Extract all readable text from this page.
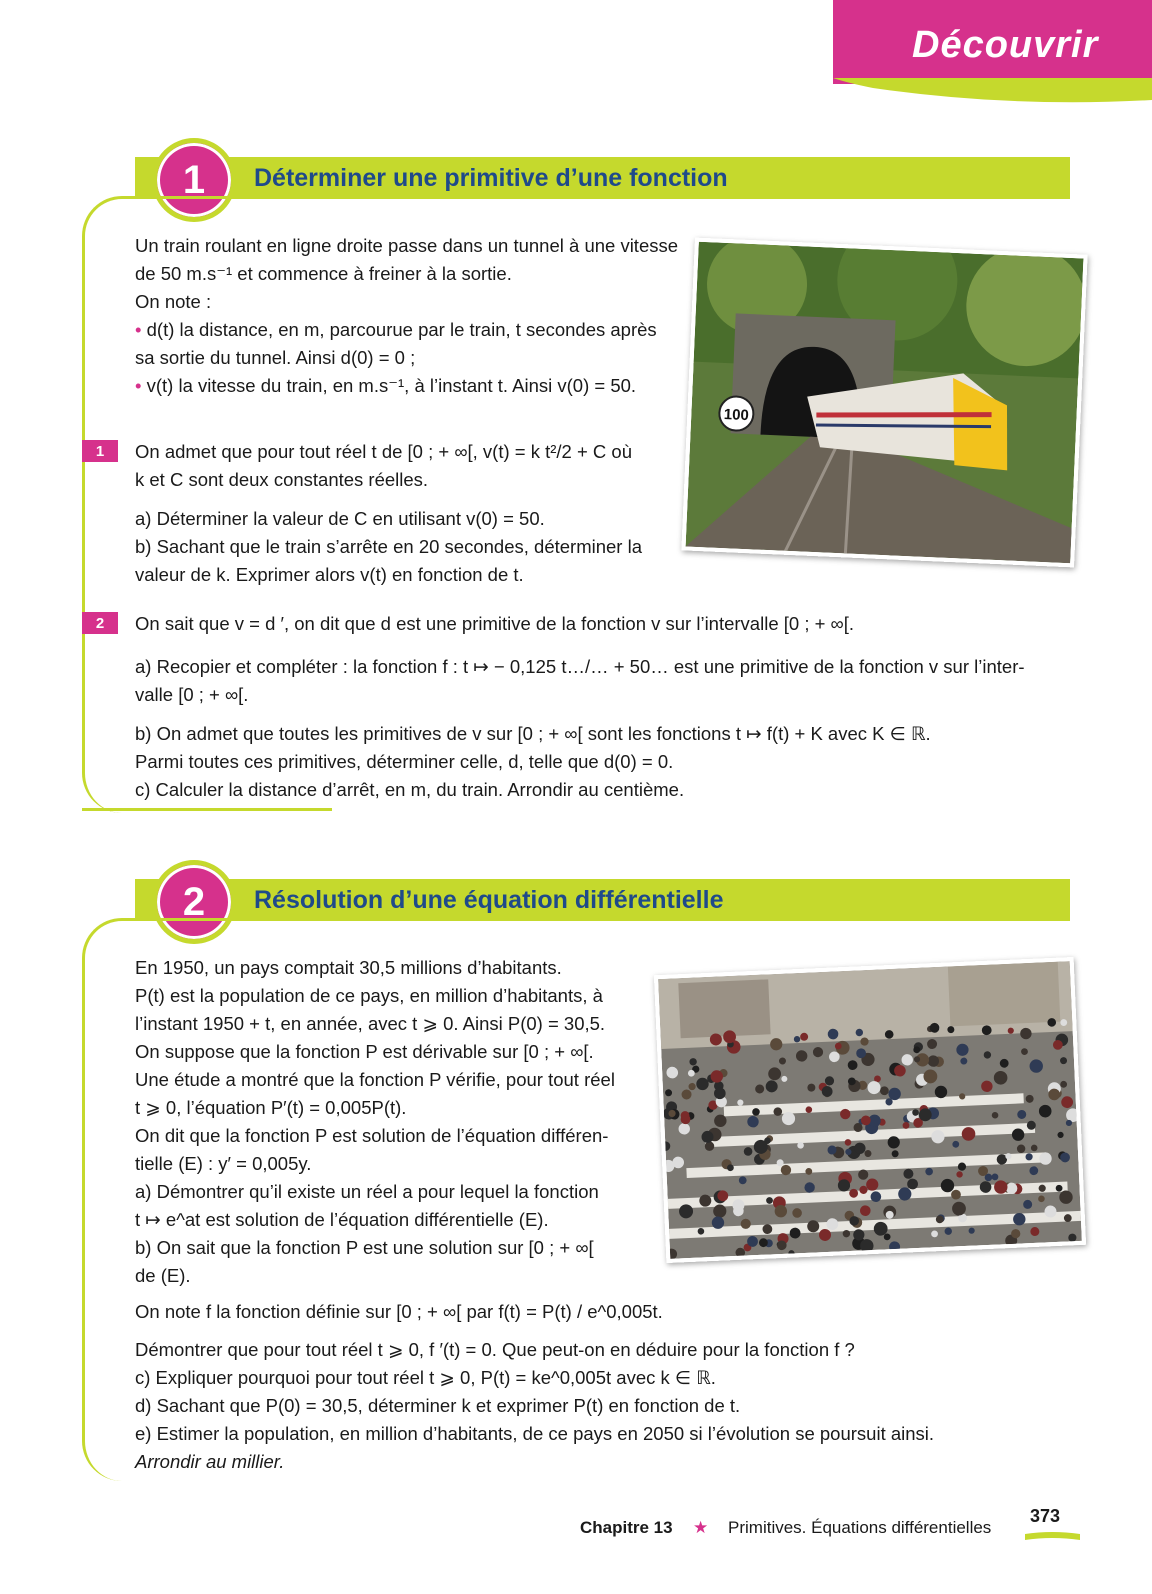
Découvrir
1	Déterminer une primitive d’une fonction
Un train roulant en ligne droite passe dans un tunnel à une vitesse
de 50 m.s⁻¹ et commence à freiner à la sortie.
On note :
• d(t) la distance, en m, parcourue par le train, t secondes après
sa sortie du tunnel. Ainsi d(0) = 0 ;
• v(t) la vitesse du train, en m.s⁻¹, à l’instant t. Ainsi v(0) = 50.
1	On admet que pour tout réel t de [0 ; + ∞[, v(t) = k t²/2 + C où
k et C sont deux constantes réelles.
a) Déterminer la valeur de C en utilisant v(0) = 50.
b) Sachant que le train s’arrête en 20 secondes, déterminer la
valeur de k. Exprimer alors v(t) en fonction de t.
100
2	On sait que v = d ′, on dit que d est une primitive de la fonction v sur l’intervalle [0 ; + ∞[.
a) Recopier et compléter : la fonction f : t ↦ − 0,125 t…/… + 50… est une primitive de la fonction v sur l’inter-
valle [0 ; + ∞[.
b) On admet que toutes les primitives de v sur [0 ; + ∞[ sont les fonctions t ↦ f(t) + K avec K ∈ ℝ.
Parmi toutes ces primitives, déterminer celle, d, telle que d(0) = 0.
c) Calculer la distance d’arrêt, en m, du train. Arrondir au centième.
2	Résolution d’une équation différentielle
En 1950, un pays comptait 30,5 millions d’habitants.
P(t) est la population de ce pays, en million d’habitants, à
l’instant 1950 + t, en année, avec t ⩾ 0. Ainsi P(0) = 30,5.
On suppose que la fonction P est dérivable sur [0 ; + ∞[.
Une étude a montré que la fonction P vérifie, pour tout réel
t ⩾ 0, l’équation P′(t) = 0,005P(t).
On dit que la fonction P est solution de l’équation différen-
tielle (E) : y′ = 0,005y.
a) Démontrer qu’il existe un réel a pour lequel la fonction
t ↦ e^at est solution de l’équation différentielle (E).
b) On sait que la fonction P est une solution sur [0 ; + ∞[
de (E).
On note f la fonction définie sur [0 ; + ∞[ par f(t) = P(t) / e^0,005t.
Démontrer que pour tout réel t ⩾ 0, f ′(t) = 0. Que peut-on en déduire pour la fonction f ?
c) Expliquer pourquoi pour tout réel t ⩾ 0, P(t) = ke^0,005t avec k ∈ ℝ.
d) Sachant que P(0) = 30,5, déterminer k et exprimer P(t) en fonction de t.
e) Estimer la population, en million d’habitants, de ce pays en 2050 si l’évolution se poursuit ainsi.
Arrondir au millier.
Chapitre 13 ★ Primitives. Équations différentielles
373
